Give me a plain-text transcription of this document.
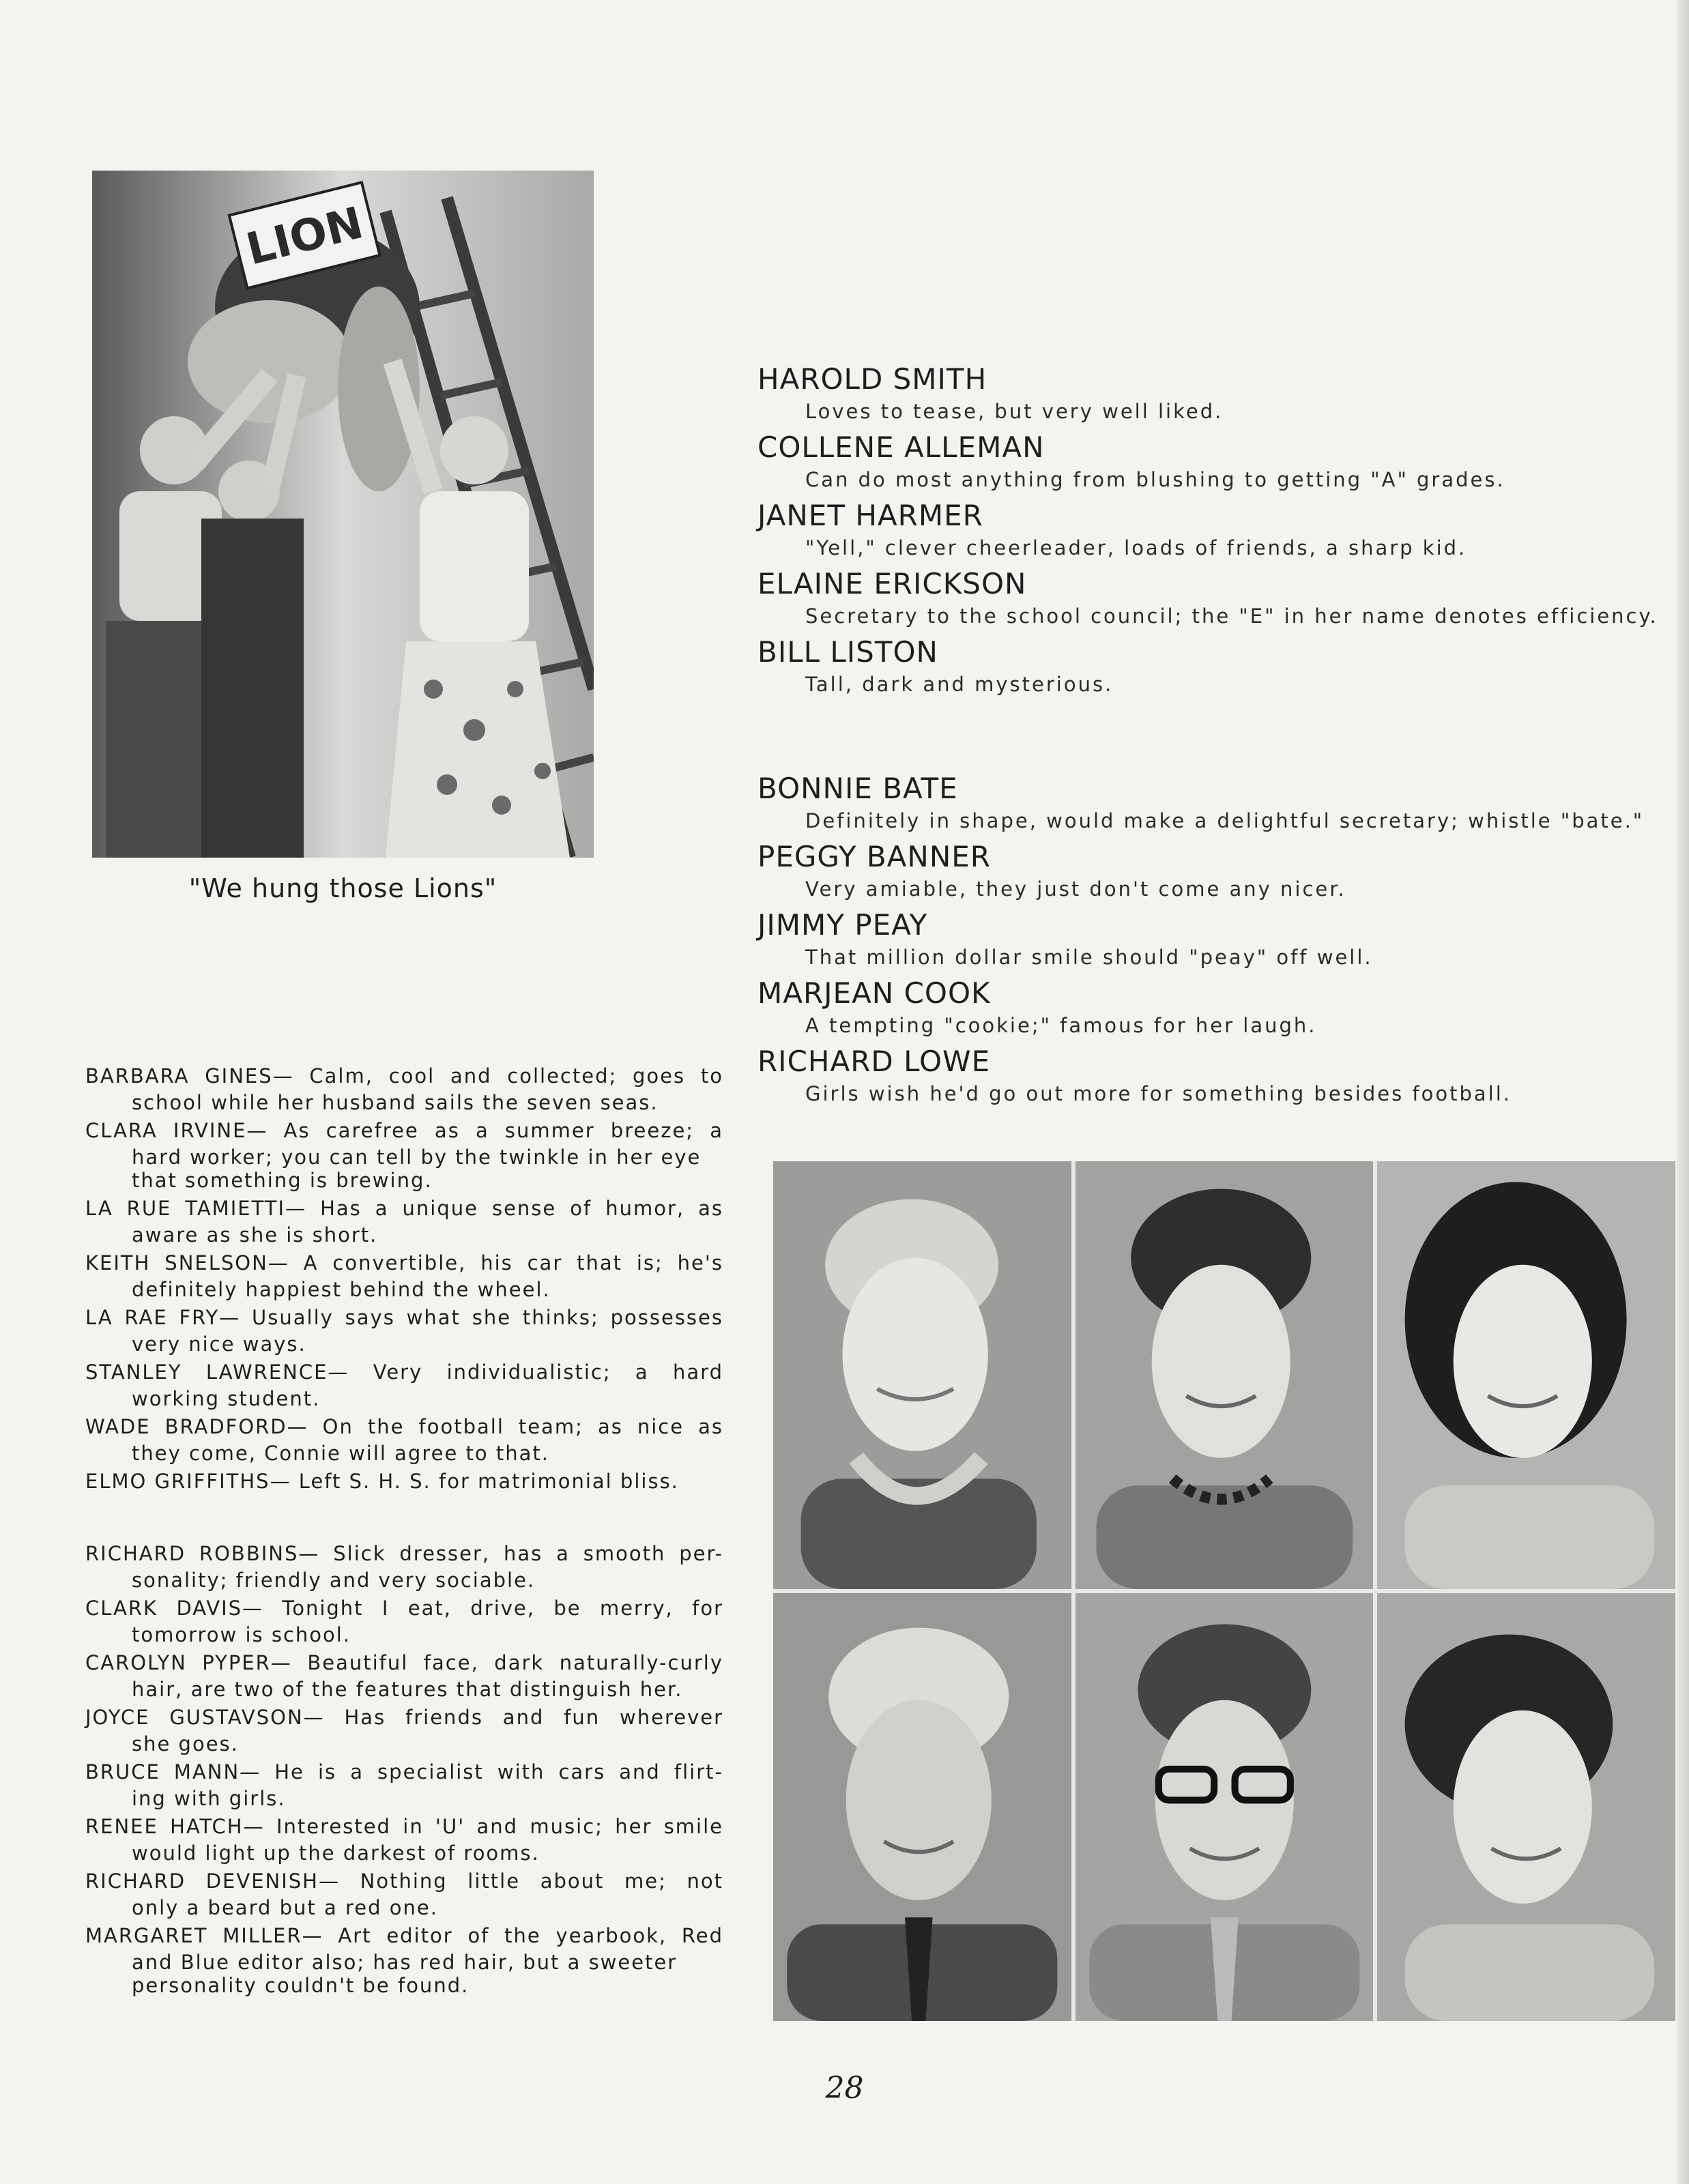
LION
"We hung those Lions"
HAROLD SMITH
Loves to tease, but very well liked.
COLLENE ALLEMAN
Can do most anything from blushing to getting "A" grades.
JANET HARMER
"Yell," clever cheerleader, loads of friends, a sharp kid.
ELAINE ERICKSON
Secretary to the school council; the "E" in her name denotes efficiency.
BILL LISTON
Tall, dark and mysterious.
BONNIE BATE
Definitely in shape, would make a delightful secretary; whistle "bate."
PEGGY BANNER
Very amiable, they just don't come any nicer.
JIMMY PEAY
That million dollar smile should "peay" off well.
MARJEAN COOK
A tempting "cookie;" famous for her laugh.
RICHARD LOWE
Girls wish he'd go out more for something besides football.
BARBARA GINES— Calm, cool and collected; goes to
school while her husband sails the seven seas.
CLARA IRVINE— As carefree as a summer breeze; a
hard worker; you can tell by the twinkle in her eye that something is brewing.
LA RUE TAMIETTI— Has a unique sense of humor, as
aware as she is short.
KEITH SNELSON— A convertible, his car that is; he's
definitely happiest behind the wheel.
LA RAE FRY— Usually says what she thinks; possesses
very nice ways.
STANLEY LAWRENCE— Very individualistic; a hard
working student.
WADE BRADFORD— On the football team; as nice as
they come, Connie will agree to that.
ELMO GRIFFITHS— Left S. H. S. for matrimonial bliss.
RICHARD ROBBINS— Slick dresser, has a smooth per-
sonality; friendly and very sociable.
CLARK DAVIS— Tonight I eat, drive, be merry, for
tomorrow is school.
CAROLYN PYPER— Beautiful face, dark naturally-curly
hair, are two of the features that distinguish her.
JOYCE GUSTAVSON— Has friends and fun wherever
she goes.
BRUCE MANN— He is a specialist with cars and flirt-
ing with girls.
RENEE HATCH— Interested in 'U' and music; her smile
would light up the darkest of rooms.
RICHARD DEVENISH— Nothing little about me; not
only a beard but a red one.
MARGARET MILLER— Art editor of the yearbook, Red
and Blue editor also; has red hair, but a sweeter personality couldn't be found.
28
